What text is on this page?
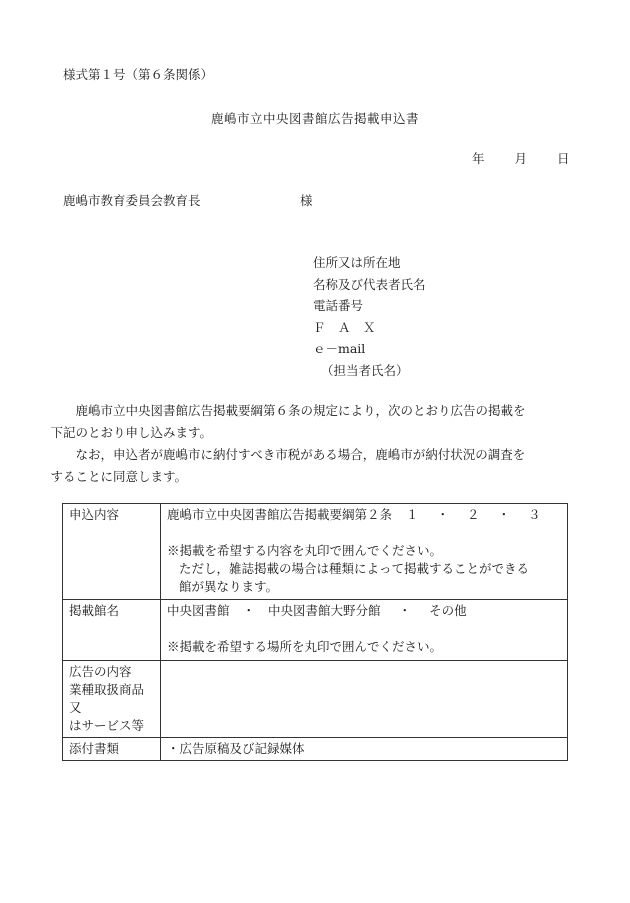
様式第１号（第６条関係）
鹿嶋市立中央図書館広告掲載申込書
年 月 日
鹿嶋市教育委員会教育長	様
住所又は所在地
名称及び代表者氏名
電話番号
Ｆ　Ａ　Ｘ
ｅ－mail
（担当者氏名）

鹿嶋市立中央図書館広告掲載要綱第６条の規定により，次のとおり広告の掲載を
下記のとおり申し込みます。

なお，申込者が鹿嶋市に納付すべき市税がある場合，鹿嶋市が納付状況の調査を
することに同意します。

申込内容	鹿嶋市立中央図書館広告掲載要綱第２条 １ ・ ２ ・ ３
※掲載を希望する内容を丸印で囲んでください。
ただし，雑誌掲載の場合は種類によって掲載することができる
館が異なります。

掲載館名	中央図書館 ・ 中央図書館大野分館 ・ その他
※掲載を希望する場所を丸印で囲んでください。

広告の内容
業種取扱商品又
はサービス等	

添付書類	・広告原稿及び記録媒体
